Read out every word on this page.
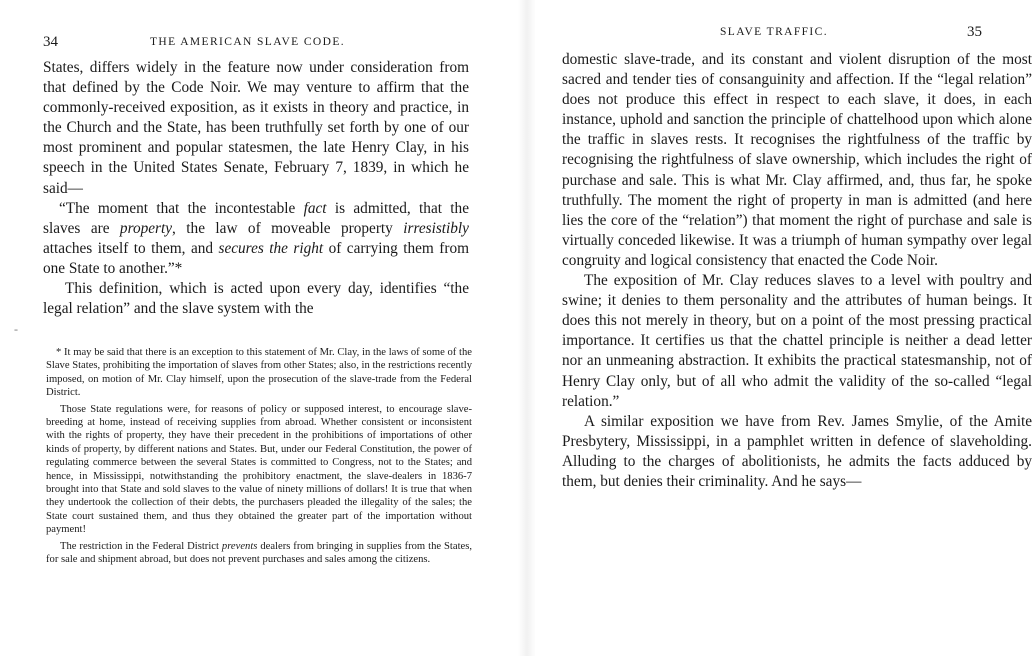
34	THE AMERICAN SLAVE CODE.
-

States, differs widely in the feature now under consideration from that defined by the Code Noir. We may venture to affirm that the commonly-received exposition, as it exists in theory and practice, in the Church and the State, has been truthfully set forth by one of our most prominent and popular statesmen, the late Henry Clay, in his speech in the United States Senate, February 7, 1839, in which he said—

“The moment that the incontestable fact is admitted, that the slaves are property, the law of moveable property irresistibly attaches itself to them, and secures the right of carrying them from one State to another.”*

This definition, which is acted upon every day, identifies “the legal relation” and the slave system with the

* It may be said that there is an exception to this statement of Mr. Clay, in the laws of some of the Slave States, prohibiting the importation of slaves from other States; also, in the restrictions recently imposed, on motion of Mr. Clay himself, upon the prosecution of the slave-trade from the Federal District.

Those State regulations were, for reasons of policy or supposed interest, to encourage slave-breeding at home, instead of receiving supplies from abroad. Whether consistent or inconsistent with the rights of property, they have their precedent in the prohibitions of importations of other kinds of property, by different nations and States. But, under our Federal Constitution, the power of regulating commerce between the several States is committed to Congress, not to the States; and hence, in Mississippi, notwithstanding the prohibitory enactment, the slave-dealers in 1836-7 brought into that State and sold slaves to the value of ninety millions of dollars! It is true that when they undertook the collection of their debts, the purchasers pleaded the illegality of the sales; the State court sustained them, and thus they obtained the greater part of the importation without payment!

The restriction in the Federal District prevents dealers from bringing in supplies from the States, for sale and shipment abroad, but does not prevent purchases and sales among the citizens.

SLAVE TRAFFIC.	35

domestic slave-trade, and its constant and violent disruption of the most sacred and tender ties of consanguinity and affection. If the “legal relation” does not produce this effect in respect to each slave, it does, in each instance, uphold and sanction the principle of chattelhood upon which alone the traffic in slaves rests. It recognises the rightfulness of the traffic by recognising the rightfulness of slave ownership, which includes the right of purchase and sale. This is what Mr. Clay affirmed, and, thus far, he spoke truthfully. The moment the right of property in man is admitted (and here lies the core of the “relation”) that moment the right of purchase and sale is virtually conceded likewise. It was a triumph of human sympathy over legal congruity and logical consistency that enacted the Code Noir.

The exposition of Mr. Clay reduces slaves to a level with poultry and swine; it denies to them personality and the attributes of human beings. It does this not merely in theory, but on a point of the most pressing practical importance. It certifies us that the chattel principle is neither a dead letter nor an unmeaning abstraction. It exhibits the practical statesmanship, not of Henry Clay only, but of all who admit the validity of the so-called “legal relation.”

A similar exposition we have from Rev. James Smylie, of the Amite Presbytery, Mississippi, in a pamphlet written in defence of slaveholding. Alluding to the charges of abolitionists, he admits the facts adduced by them, but denies their criminality. And he says—
